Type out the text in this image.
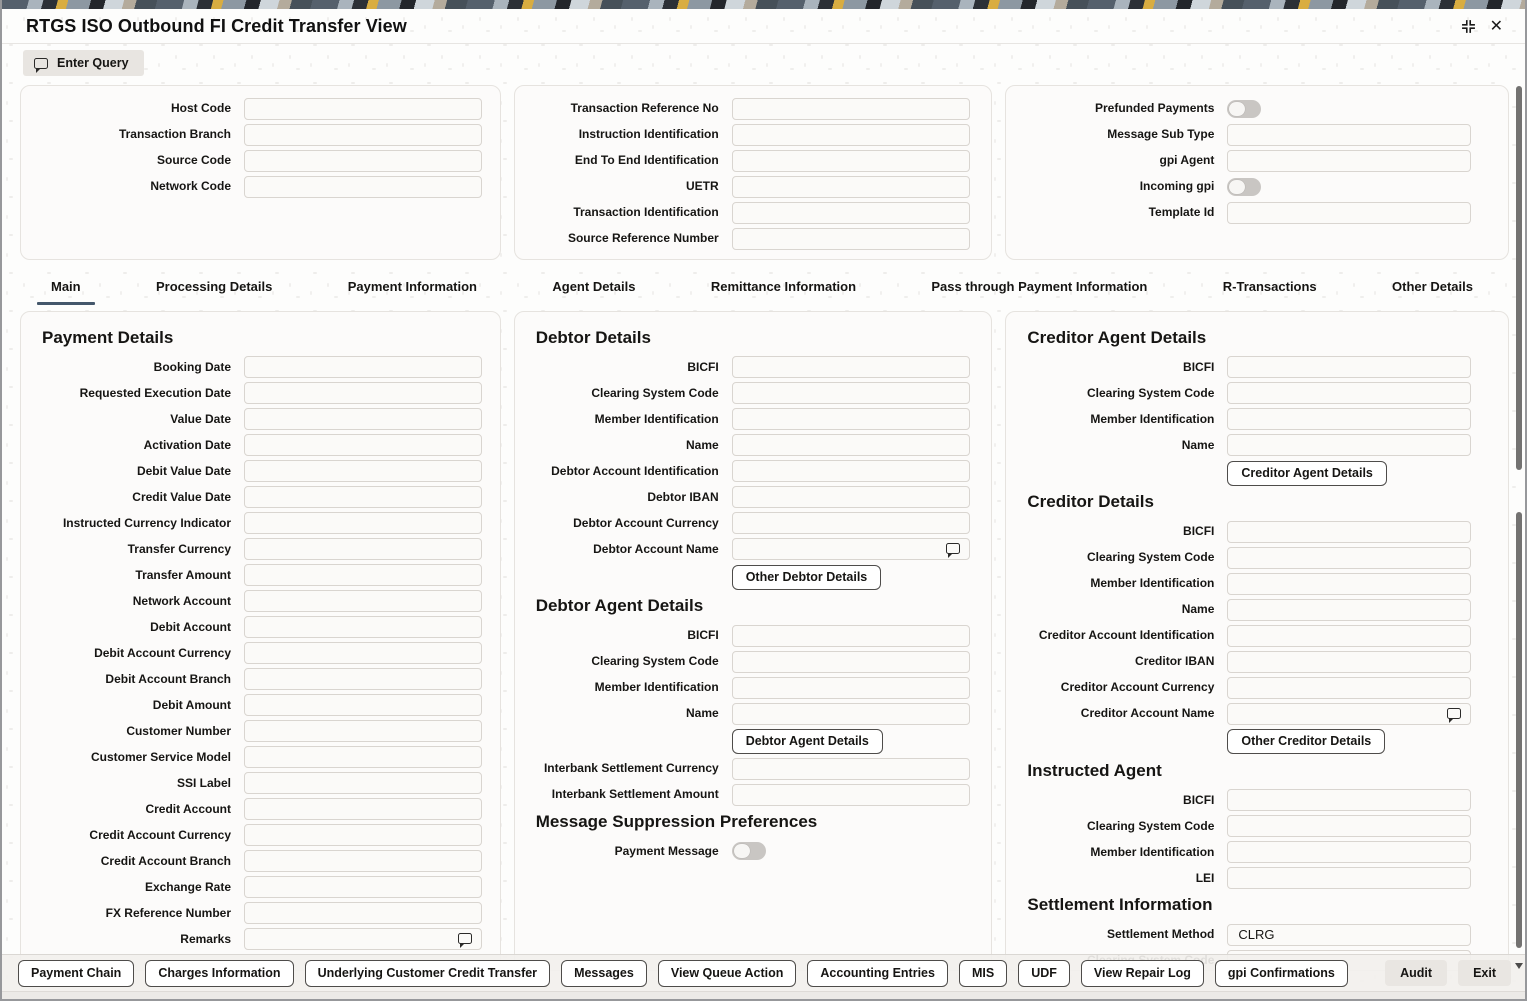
RTGS ISO Outbound FI Credit Transfer View	✕
Enter Query
Host Code
Transaction Branch
Source Code
Network Code
Transaction Reference No
Instruction Identification
End To End Identification
UETR
Transaction Identification
Source Reference Number
Prefunded Payments
Message Sub Type
gpi Agent
Incoming gpi
Template Id
Main	Processing Details	Payment Information	Agent Details	Remittance Information	Pass through Payment Information	R-Transactions	Other Details
Payment Details
Booking Date
Requested Execution Date
Value Date
Activation Date
Debit Value Date
Credit Value Date
Instructed Currency Indicator
Transfer Currency
Transfer Amount
Network Account
Debit Account
Debit Account Currency
Debit Account Branch
Debit Amount
Customer Number
Customer Service Model
SSI Label
Credit Account
Credit Account Currency
Credit Account Branch
Exchange Rate
FX Reference Number
Remarks
Debtor Details
BICFI
Clearing System Code
Member Identification
Name
Debtor Account Identification
Debtor IBAN
Debtor Account Currency
Debtor Account Name
Other Debtor Details
Debtor Agent Details
BICFI
Clearing System Code
Member Identification
Name
Debtor Agent Details
Interbank Settlement Currency
Interbank Settlement Amount
Message Suppression Preferences
Payment Message
Creditor Agent Details
BICFI
Clearing System Code
Member Identification
Name
Creditor Agent Details
Creditor Details
BICFI
Clearing System Code
Member Identification
Name
Creditor Account Identification
Creditor IBAN
Creditor Account Currency
Creditor Account Name
Other Creditor Details
Instructed Agent
BICFI
Clearing System Code
Member Identification
LEI
Settlement Information
Settlement Method	CLRG
Payment Chain	Charges Information	Underlying Customer Credit Transfer	Messages	View Queue Action	Accounting Entries	MIS	UDF	View Repair Log	gpi Confirmations	Audit	Exit
